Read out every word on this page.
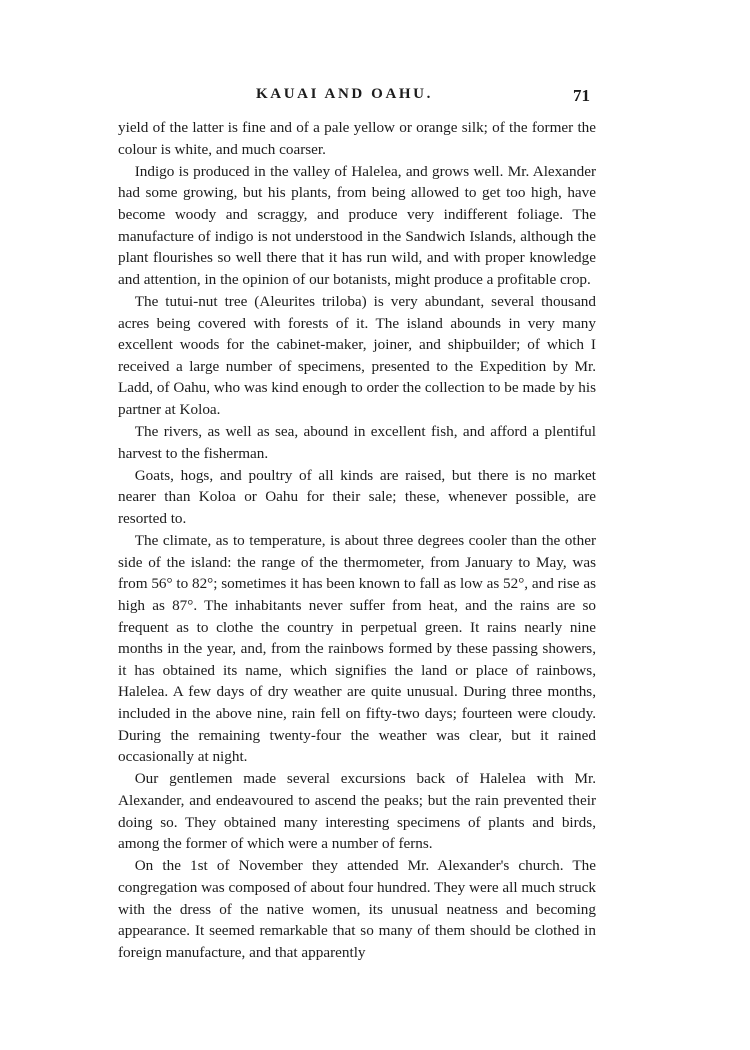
KAUAI AND OAHU.	71

yield of the latter is fine and of a pale yellow or orange silk; of the former the colour is white, and much coarser.

Indigo is produced in the valley of Halelea, and grows well. Mr. Alexander had some growing, but his plants, from being allowed to get too high, have become woody and scraggy, and produce very indifferent foliage. The manufacture of indigo is not understood in the Sandwich Islands, although the plant flourishes so well there that it has run wild, and with proper knowledge and attention, in the opinion of our botanists, might produce a profitable crop.

The tutui-nut tree (Aleurites triloba) is very abundant, several thousand acres being covered with forests of it. The island abounds in very many excellent woods for the cabinet-maker, joiner, and shipbuilder; of which I received a large number of specimens, presented to the Expedition by Mr. Ladd, of Oahu, who was kind enough to order the collection to be made by his partner at Koloa.

The rivers, as well as sea, abound in excellent fish, and afford a plentiful harvest to the fisherman.

Goats, hogs, and poultry of all kinds are raised, but there is no market nearer than Koloa or Oahu for their sale; these, whenever possible, are resorted to.

The climate, as to temperature, is about three degrees cooler than the other side of the island: the range of the thermometer, from January to May, was from 56° to 82°; sometimes it has been known to fall as low as 52°, and rise as high as 87°. The inhabitants never suffer from heat, and the rains are so frequent as to clothe the country in perpetual green. It rains nearly nine months in the year, and, from the rainbows formed by these passing showers, it has obtained its name, which signifies the land or place of rainbows, Halelea. A few days of dry weather are quite unusual. During three months, included in the above nine, rain fell on fifty-two days; fourteen were cloudy. During the remaining twenty-four the weather was clear, but it rained occasionally at night.

Our gentlemen made several excursions back of Halelea with Mr. Alexander, and endeavoured to ascend the peaks; but the rain prevented their doing so. They obtained many interesting specimens of plants and birds, among the former of which were a number of ferns.

On the 1st of November they attended Mr. Alexander's church. The congregation was composed of about four hundred. They were all much struck with the dress of the native women, its unusual neatness and becoming appearance. It seemed remarkable that so many of them should be clothed in foreign manufacture, and that apparently
